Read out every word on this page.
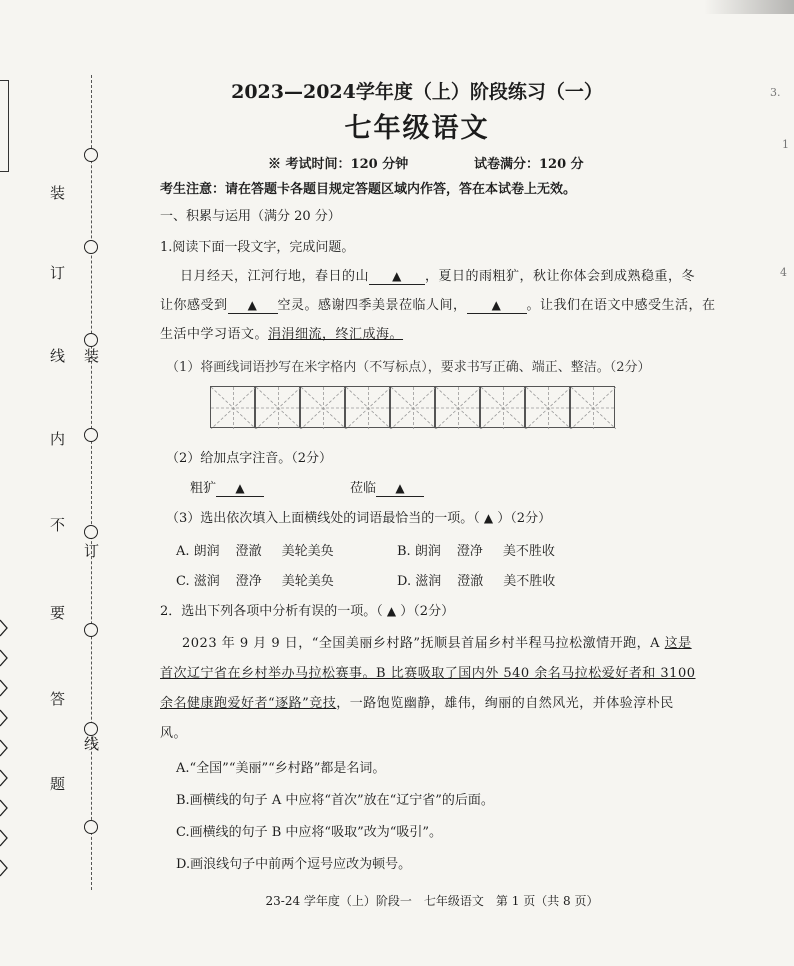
装
订
线
内
不
要
答
题
装
订
线
3.
1
4
2023—2024学年度（上）阶段练习（一）
七年级语文
※ 考试时间：120 分钟	试卷满分：120 分
考生注意：请在答题卡各题目规定答题区域内作答，答在本试卷上无效。
一、积累与运用（满分 20 分）
1.阅读下面一段文字，完成问题。
日月经天，江河行地，春日的山 ▲ ，夏日的雨粗犷，秋让你体会到成熟稳重，冬
让你感受到 ▲ 空灵。感谢四季美景莅临人间， ▲ 。让我们在语文中感受生活，在
生活中学习语文。涓涓细流，终汇成海。
（1）将画线词语抄写在米字格内（不写标点），要求书写正确、端正、整洁。（2分）
（2）给加点字注音。（2分）
粗犷 ▲	莅临 ▲
（3）选出依次填入上面横线处的词语最恰当的一项。（ ▲ ）（2分）
A. 朗润 澄澈 美轮美奂	B. 朗润 澄净 美不胜收
C. 滋润 澄净 美轮美奂	D. 滋润 澄澈 美不胜收
2．选出下列各项中分析有误的一项。（ ▲ ）（2分）
2023 年 9 月 9 日，“全国美丽乡村路”抚顺县首届乡村半程马拉松激情开跑，A 这是
首次辽宁省在乡村举办马拉松赛事。B 比赛吸取了国内外 540 余名马拉松爱好者和 3100
余名健康跑爱好者“逐路”竞技，一路饱览幽静，雄伟，绚丽的自然风光，并体验淳朴民
风。
A.“全国”“美丽”“乡村路”都是名词。
B.画横线的句子 A 中应将“首次”放在“辽宁省”的后面。
C.画横线的句子 B 中应将“吸取”改为“吸引”。
D.画浪线句子中前两个逗号应改为顿号。
23-24 学年度（上）阶段一　七年级语文　第 1 页（共 8 页）
